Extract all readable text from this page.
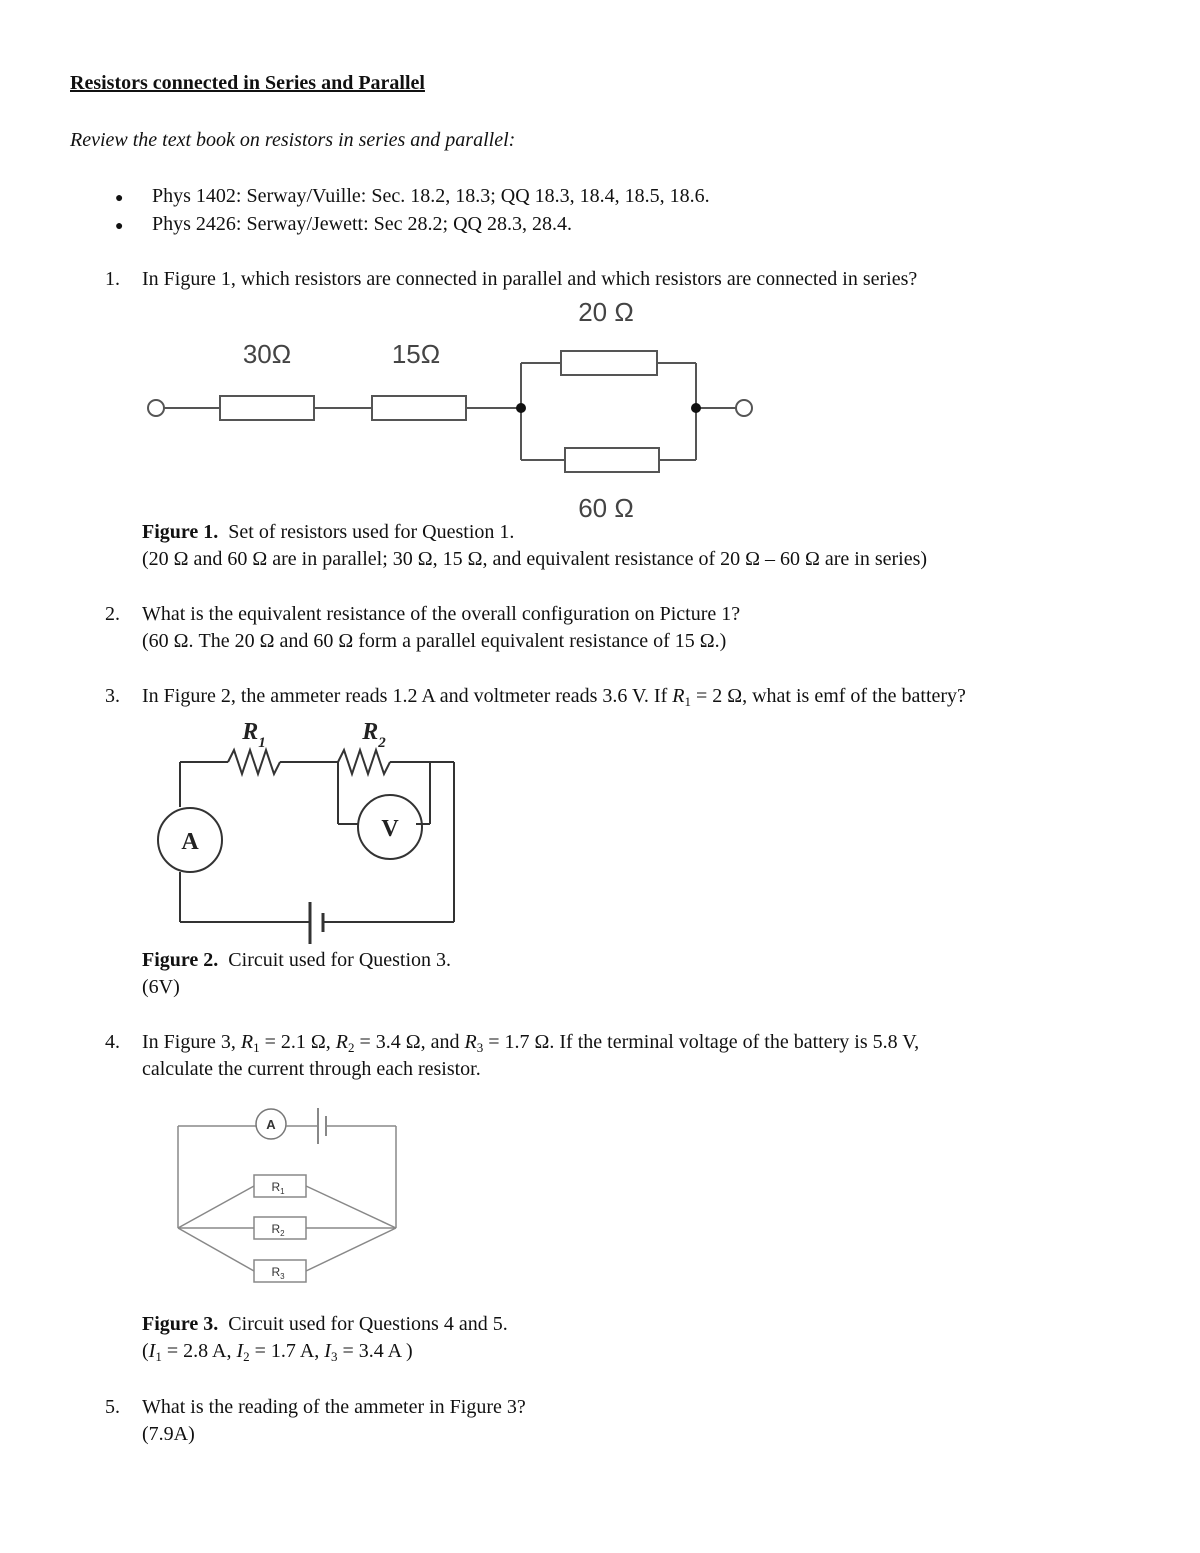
Resistors connected in Series and Parallel
Review the text book on resistors in series and parallel:
● Phys 1402: Serway/Vuille: Sec. 18.2, 18.3; QQ 18.3, 18.4, 18.5, 18.6.
● Phys 2426: Serway/Jewett: Sec 28.2; QQ 28.3, 28.4.
1. In Figure 1, which resistors are connected in parallel and which resistors are connected in series?
30Ω	15Ω
20 Ω
60 Ω
Figure 1. Set of resistors used for Question 1.
(20 Ω and 60 Ω are in parallel; 30 Ω, 15 Ω, and equivalent resistance of 20 Ω – 60 Ω are in series)
2. What is the equivalent resistance of the overall configuration on Picture 1?
(60 Ω. The 20 Ω and 60 Ω form a parallel equivalent resistance of 15 Ω.)
3. In Figure 2, the ammeter reads 1.2 A and voltmeter reads 3.6 V. If $R_1 = 2$ Ω, what is emf of the battery?
$R_1$	$R_2$
A	V
Figure 2. Circuit used for Question 3.
(6V)
4. In Figure 3, $R_1 = 2.1$ Ω, $R_2 = 3.4$ Ω, and $R_3 = 1.7$ Ω. If the terminal voltage of the battery is 5.8 V,
calculate the current through each resistor.
A
$R_1$
$R_2$
$R_3$
Figure 3. Circuit used for Questions 4 and 5.
($I_1 = 2.8$ A, $I_2 = 1.7$ A, $I_3 = 3.4$ A )
5. What is the reading of the ammeter in Figure 3?
(7.9A)
